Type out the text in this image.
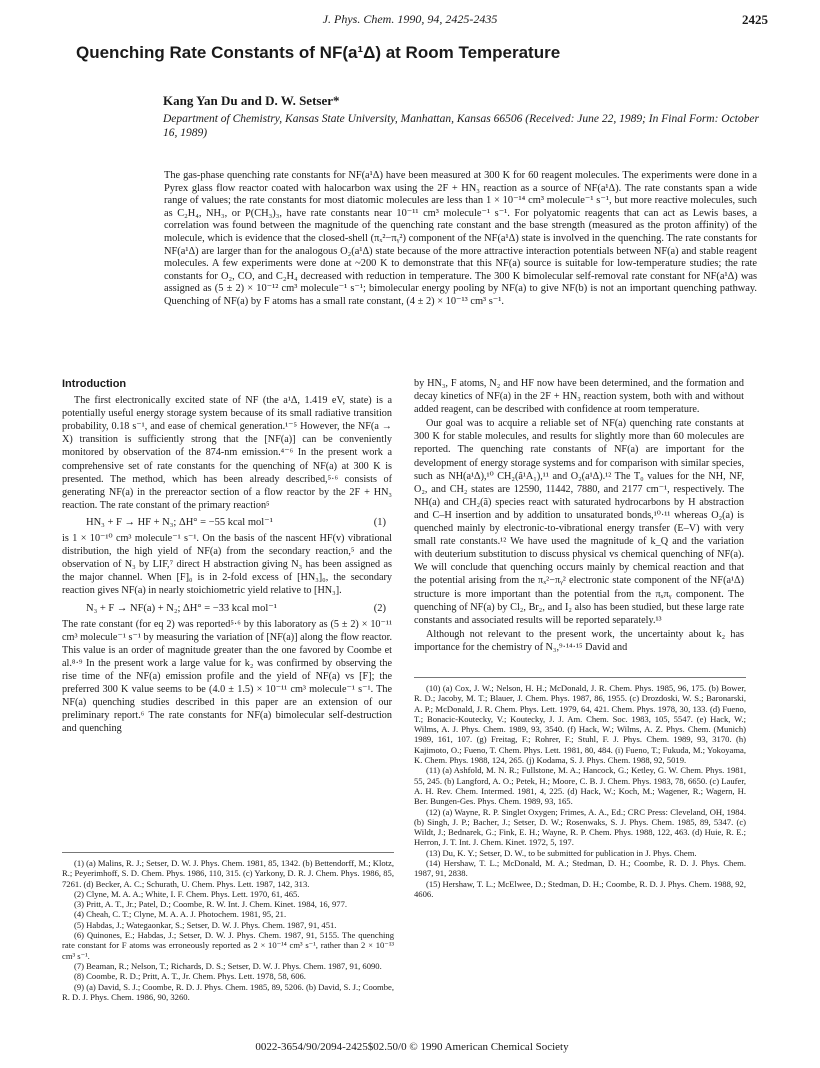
J. Phys. Chem. 1990, 94, 2425-2435	2425
Quenching Rate Constants of NF(a¹Δ) at Room Temperature
Kang Yan Du and D. W. Setser*
Department of Chemistry, Kansas State University, Manhattan, Kansas 66506 (Received: June 22, 1989; In Final Form: October 16, 1989)

The gas-phase quenching rate constants for NF(a¹Δ) have been measured at 300 K for 60 reagent molecules. The experiments were done in a Pyrex glass flow reactor coated with halocarbon wax using the 2F + HN₃ reaction as a source of NF(a¹Δ). The rate constants span a wide range of values; the rate constants for most diatomic molecules are less than 1 × 10⁻¹⁴ cm³ molecule⁻¹ s⁻¹, but more reactive molecules, such as C₂H₄, NH₃, or P(CH₃)₃, have rate constants near 10⁻¹¹ cm³ molecule⁻¹ s⁻¹. For polyatomic reagents that can act as Lewis bases, a correlation was found between the magnitude of the quenching rate constant and the base strength (measured as the proton affinity) of the molecule, which is evidence that the closed-shell (πₓ²−πᵧ²) component of the NF(a¹Δ) state is involved in the quenching. The rate constants for NF(a¹Δ) are larger than for the analogous O₂(a¹Δ) state because of the more attractive interaction potentials between NF(a) and stable reagent molecules. A few experiments were done at ~200 K to demonstrate that this NF(a) source is suitable for low-temperature studies; the rate constants for O₂, CO, and C₂H₄ decreased with reduction in temperature. The 300 K bimolecular self-removal rate constant for NF(a¹Δ) was assigned as (5 ± 2) × 10⁻¹² cm³ molecule⁻¹ s⁻¹; bimolecular energy pooling by NF(a) to give NF(b) is not an important quenching pathway. Quenching of NF(a) by F atoms has a small rate constant, (4 ± 2) × 10⁻¹³ cm³ s⁻¹.

Introduction

The first electronically excited state of NF (the a¹Δ, 1.419 eV, state) is a potentially useful energy storage system because of its small radiative transition probability, 0.18 s⁻¹, and ease of chemical generation.¹⁻⁵ However, the NF(a → X) transition is sufficiently strong that the [NF(a)] can be conveniently monitored by observation of the 874-nm emission.⁴⁻⁶ In the present work a comprehensive set of rate constants for the quenching of NF(a) at 300 K is presented. The method, which has been already described,⁵·⁶ consists of generating NF(a) in the prereactor section of a flow reactor by the 2F + HN₃ reaction. The rate constant of the primary reaction⁵

HN₃ + F → HF + N₃; ΔH° = −55 kcal mol⁻¹	(1)

is 1 × 10⁻¹⁰ cm³ molecule⁻¹ s⁻¹. On the basis of the nascent HF(v) vibrational distribution, the high yield of NF(a) from the secondary reaction,⁵ and the observation of N₃ by LIF,⁷ direct H abstraction giving N₃ has been assigned as the major channel. When [F]₀ is in 2-fold excess of [HN₃]₀, the secondary reaction gives NF(a) in nearly stoichiometric yield relative to [HN₃].

N₃ + F → NF(a) + N₂; ΔH° = −33 kcal mol⁻¹	(2)

The rate constant (for eq 2) was reported⁵·⁶ by this laboratory as (5 ± 2) × 10⁻¹¹ cm³ molecule⁻¹ s⁻¹ by measuring the variation of [NF(a)] along the flow reactor. This value is an order of magnitude greater than the one favored by Coombe et al.⁸·⁹ In the present work a large value for k₂ was confirmed by observing the rise time of the NF(a) emission profile and the yield of NF(a) vs [F]; the preferred 300 K value seems to be (4.0 ± 1.5) × 10⁻¹¹ cm³ molecule⁻¹ s⁻¹. The NF(a) quenching studies described in this paper are an extension of our preliminary report.⁶ The rate constants for NF(a) bimolecular self-destruction and quenching

by HN₃, F atoms, N₂ and HF now have been determined, and the formation and decay kinetics of NF(a) in the 2F + HN₃ reaction system, both with and without added reagent, can be described with confidence at room temperature.

Our goal was to acquire a reliable set of NF(a) quenching rate constants at 300 K for stable molecules, and results for slightly more than 60 molecules are reported. The quenching rate constants of NF(a) are important for the development of energy storage systems and for comparison with similar species, such as NH(a¹Δ),¹⁰ CH₂(ã¹A₁),¹¹ and O₂(a¹Δ).¹² The T₀ values for the NH, NF, O₂, and CH₂ states are 12590, 11442, 7880, and 2177 cm⁻¹, respectively. The NH(a) and CH₂(ã) species react with saturated hydrocarbons by H abstraction and C–H insertion and by addition to unsaturated bonds,¹⁰·¹¹ whereas O₂(a) is quenched mainly by electronic-to-vibrational energy transfer (E–V) with very small rate constants.¹² We have used the magnitude of k_Q and the variation with deuterium substitution to discuss physical vs chemical quenching of NF(a). We will conclude that quenching occurs mainly by chemical reaction and that the potential arising from the πₓ²−πᵧ² electronic state component of the NF(a¹Δ) structure is more important than the potential from the πₓπᵧ component. The quenching of NF(a) by Cl₂, Br₂, and I₂ also has been studied, but these large rate constants and associated results will be reported separately.¹³

Although not relevant to the present work, the uncertainty about k₂ has importance for the chemistry of N₃,⁹·¹⁴·¹⁵ David and

(1) (a) Malins, R. J.; Setser, D. W. J. Phys. Chem. 1981, 85, 1342. (b) Bettendorff, M.; Klotz, R.; Peyerimhoff, S. D. Chem. Phys. 1986, 110, 315. (c) Yarkony, D. R. J. Chem. Phys. 1986, 85, 7261. (d) Becker, A. C.; Schurath, U. Chem. Phys. Lett. 1987, 142, 313.

(2) Clyne, M. A. A.; White, I. F. Chem. Phys. Lett. 1970, 61, 465.

(3) Pritt, A. T., Jr.; Patel, D.; Coombe, R. W. Int. J. Chem. Kinet. 1984, 16, 977.

(4) Cheah, C. T.; Clyne, M. A. A. J. Photochem. 1981, 95, 21.

(5) Habdas, J.; Wategaonkar, S.; Setser, D. W. J. Phys. Chem. 1987, 91, 451.

(6) Quinones, E.; Habdas, J.; Setser, D. W. J. Phys. Chem. 1987, 91, 5155. The quenching rate constant for F atoms was erroneously reported as 2 × 10⁻¹⁴ cm³ s⁻¹, rather than 2 × 10⁻¹³ cm³ s⁻¹.

(7) Beaman, R.; Nelson, T.; Richards, D. S.; Setser, D. W. J. Phys. Chem. 1987, 91, 6090.

(8) Coombe, R. D.; Pritt, A. T., Jr. Chem. Phys. Lett. 1978, 58, 606.

(9) (a) David, S. J.; Coombe, R. D. J. Phys. Chem. 1985, 89, 5206. (b) David, S. J.; Coombe, R. D. J. Phys. Chem. 1986, 90, 3260.

(10) (a) Cox, J. W.; Nelson, H. H.; McDonald, J. R. Chem. Phys. 1985, 96, 175. (b) Bower, R. D.; Jacoby, M. T.; Blauer, J. Chem. Phys. 1987, 86, 1955. (c) Drozdoski, W. S.; Baronarski, A. P.; McDonald, J. R. Chem. Phys. Lett. 1979, 64, 421. Chem. Phys. 1978, 30, 133. (d) Fueno, T.; Bonacic-Koutecky, V.; Koutecky, J. J. Am. Chem. Soc. 1983, 105, 5547. (e) Hack, W.; Wilms, A. J. Phys. Chem. 1989, 93, 3540. (f) Hack, W.; Wilms, A. Z. Phys. Chem. (Munich) 1989, 161, 107. (g) Freitag, F.; Rohrer, F.; Stuhl, F. J. Phys. Chem. 1989, 93, 3170. (h) Kajimoto, O.; Fueno, T. Chem. Phys. Lett. 1981, 80, 484. (i) Fueno, T.; Fukuda, M.; Yokoyama, K. Chem. Phys. 1988, 124, 265. (j) Kodama, S. J. Phys. Chem. 1988, 92, 5019.

(11) (a) Ashfold, M. N. R.; Fullstone, M. A.; Hancock, G.; Ketley, G. W. Chem. Phys. 1981, 55, 245. (b) Langford, A. O.; Petek, H.; Moore, C. B. J. Chem. Phys. 1983, 78, 6650. (c) Laufer, A. H. Rev. Chem. Intermed. 1981, 4, 225. (d) Hack, W.; Koch, M.; Wagener, R.; Wagern, H. Ber. Bungen-Ges. Phys. Chem. 1989, 93, 165.

(12) (a) Wayne, R. P. Singlet Oxygen; Frimes, A. A., Ed.; CRC Press: Cleveland, OH, 1984. (b) Singh, J. P.; Bacher, J.; Setser, D. W.; Rosenwaks, S. J. Phys. Chem. 1985, 89, 5347. (c) Wildt, J.; Bednarek, G.; Fink, E. H.; Wayne, R. P. Chem. Phys. 1988, 122, 463. (d) Huie, R. E.; Herron, J. T. Int. J. Chem. Kinet. 1972, 5, 197.

(13) Du, K. Y.; Setser, D. W., to be submitted for publication in J. Phys. Chem.

(14) Hershaw, T. L.; McDonald, M. A.; Stedman, D. H.; Coombe, R. D. J. Phys. Chem. 1987, 91, 2838.

(15) Hershaw, T. L.; McElwee, D.; Stedman, D. H.; Coombe, R. D. J. Phys. Chem. 1988, 92, 4606.

0022-3654/90/2094-2425$02.50/0 © 1990 American Chemical Society
